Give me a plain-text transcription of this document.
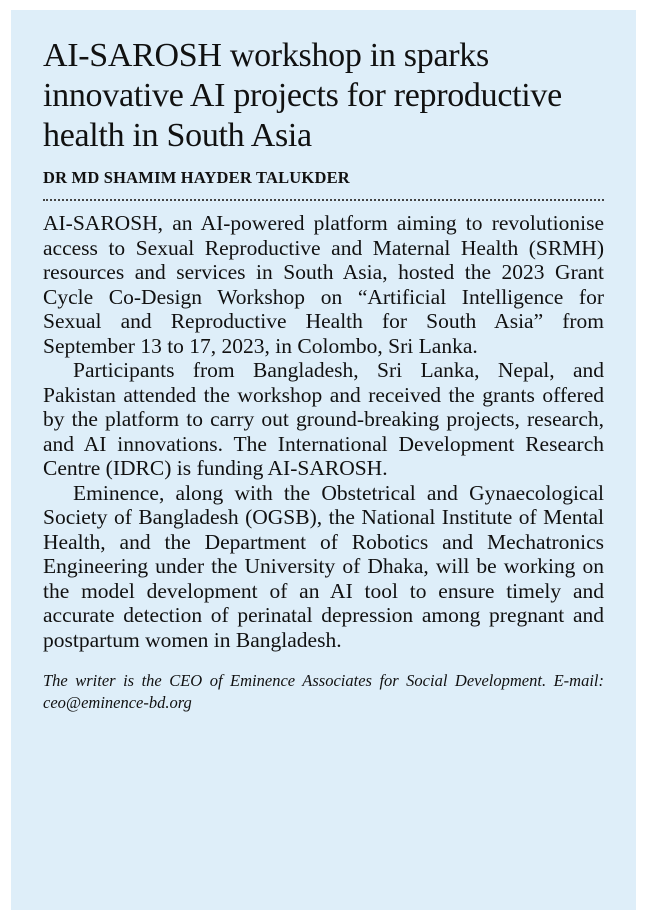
AI-SAROSH workshop in sparks innovative AI projects for reproductive health in South Asia
DR MD SHAMIM HAYDER TALUKDER

AI-SAROSH, an AI-powered platform aiming to revolutionise access to Sexual Reproductive and Maternal Health (SRMH) resources and services in South Asia, hosted the 2023 Grant Cycle Co-Design Workshop on “Artificial Intelligence for Sexual and Reproductive Health for South Asia” from September 13 to 17, 2023, in Colombo, Sri Lanka.

Participants from Bangladesh, Sri Lanka, Nepal, and Pakistan attended the workshop and received the grants offered by the platform to carry out ground-breaking projects, research, and AI innovations. The International Development Research Centre (IDRC) is funding AI-SAROSH.

Eminence, along with the Obstetrical and Gynaecological Society of Bangladesh (OGSB), the National Institute of Mental Health, and the Department of Robotics and Mechatronics Engineering under the University of Dhaka, will be working on the model development of an AI tool to ensure timely and accurate detection of perinatal depression among pregnant and postpartum women in Bangladesh.

The writer is the CEO of Eminence Associates for Social Development. E-mail: ceo@eminence-bd.org
